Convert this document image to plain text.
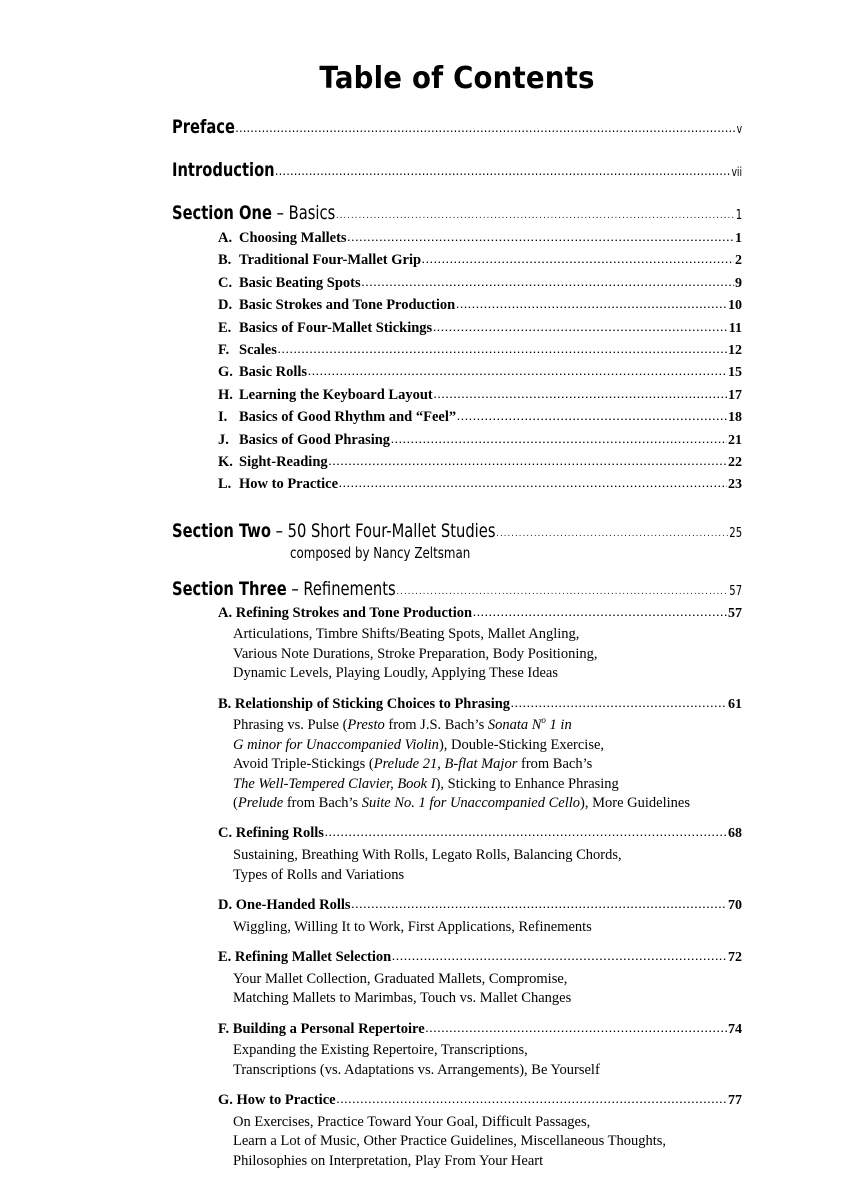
Table of Contents
Preface .....	v
Introduction .....	vii
Section One – Basics .....	1
A. Choosing Mallets .....	1
B. Traditional Four-Mallet Grip .....	2
C. Basic Beating Spots .....	9
D. Basic Strokes and Tone Production .....	10
E. Basics of Four-Mallet Stickings .....	11
F. Scales .....	12
G. Basic Rolls .....	15
H. Learning the Keyboard Layout .....	17
I. Basics of Good Rhythm and “Feel” .....	18
J. Basics of Good Phrasing .....	21
K. Sight-Reading .....	22
L. How to Practice .....	23
Section Two – 50 Short Four-Mallet Studies .....	25
composed by Nancy Zeltsman
Section Three – Refinements .....	57
A. Refining Strokes and Tone Production .....	57
Articulations, Timbre Shifts/Beating Spots, Mallet Angling,
Various Note Durations, Stroke Preparation, Body Positioning,
Dynamic Levels, Playing Loudly, Applying These Ideas
B. Relationship of Sticking Choices to Phrasing .....	61
Phrasing vs. Pulse (Presto from J.S. Bach’s Sonata $N^o$ 1 in
G minor for Unaccompanied Violin), Double-Sticking Exercise,
Avoid Triple-Stickings (Prelude 21, B-flat Major from Bach’s
The Well-Tempered Clavier, Book I), Sticking to Enhance Phrasing
(Prelude from Bach’s Suite No. 1 for Unaccompanied Cello), More Guidelines
C. Refining Rolls .....	68
Sustaining, Breathing With Rolls, Legato Rolls, Balancing Chords,
Types of Rolls and Variations
D. One-Handed Rolls .....	70
Wiggling, Willing It to Work, First Applications, Refinements
E. Refining Mallet Selection .....	72
Your Mallet Collection, Graduated Mallets, Compromise,
Matching Mallets to Marimbas, Touch vs. Mallet Changes
F. Building a Personal Repertoire .....	74
Expanding the Existing Repertoire, Transcriptions,
Transcriptions (vs. Adaptations vs. Arrangements), Be Yourself
G. How to Practice .....	77
On Exercises, Practice Toward Your Goal, Difficult Passages,
Learn a Lot of Music, Other Practice Guidelines, Miscellaneous Thoughts,
Philosophies on Interpretation, Play From Your Heart
